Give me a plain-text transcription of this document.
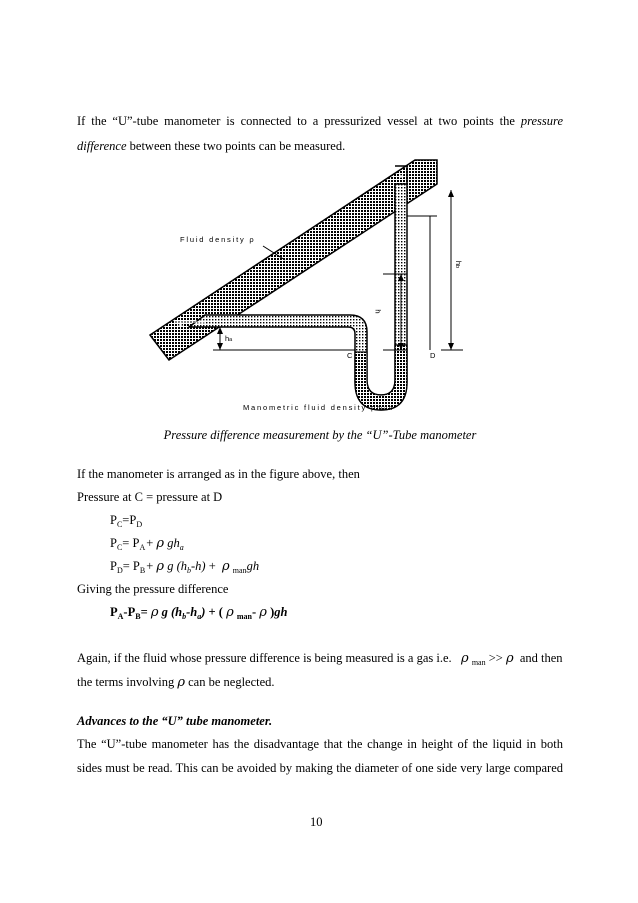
If the “U”-tube manometer is connected to a pressurized vessel at two points the pressure
difference between these two points can be measured.
Fluid density ρ
Manometric fluid density ρman
ha
hb
h
C	D
A
B
Pressure difference measurement by the “U”-Tube manometer
If the manometer is arranged as in the figure above, then
Pressure at C = pressure at D
$P_C=P_D$
$P_C= P_A+ \rho$ $gh_a$
$P_D= P_B+ \rho$ g $(h_b-h) + \rho$ $_{man}$gh
Giving the pressure difference
$P_A-P_B= \rho$ g $(h_b-h_a)$ + ( ρ $_{man}$- ρ )gh
Again, if the fluid whose pressure difference is being measured is a gas i.e. ρ $_{man}$ >> ρ and then
the terms involving ρ can be neglected.
Advances to the “U” tube manometer.
The “U”-tube manometer has the disadvantage that the change in height of the liquid in both
sides must be read. This can be avoided by making the diameter of one side very large compared
10
